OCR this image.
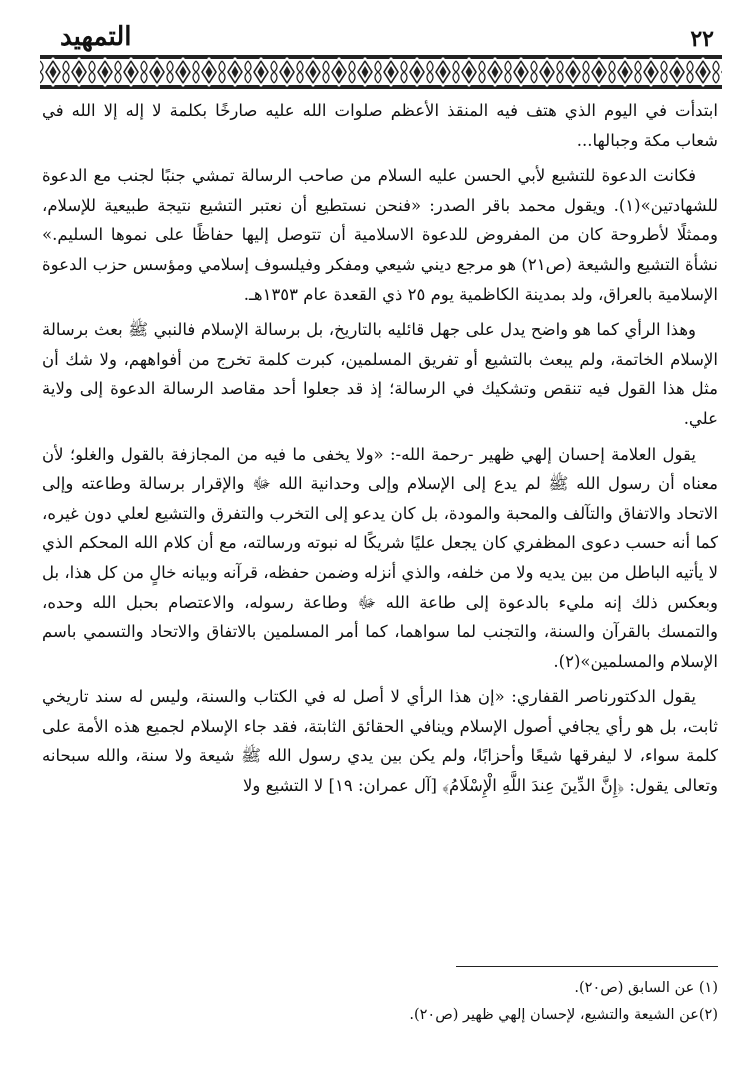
التمهيد	٢٢

ابتدأت في اليوم الذي هتف فيه المنقذ الأعظم صلوات الله عليه صارخًا بكلمة لا إله إلا الله في شعاب مكة وجبالها...

فكانت الدعوة للتشيع لأبي الحسن عليه السلام من صاحب الرسالة تمشي جنبًا لجنب مع الدعوة للشهادتين»(١). ويقول محمد باقر الصدر: «فنحن نستطيع أن نعتبر التشيع نتيجة طبيعية للإسلام، وممثلًا لأطروحة كان من المفروض للدعوة الاسلامية أن تتوصل إليها حفاظًا على نموها السليم.» نشأة التشيع والشيعة (ص٢١) هو مرجع ديني شيعي ومفكر وفيلسوف إسلامي ومؤسس حزب الدعوة الإسلامية بالعراق، ولد بمدينة الكاظمية يوم ٢٥ ذي القعدة عام ١٣٥٣هـ.

وهذا الرأي كما هو واضح يدل على جهل قائليه بالتاريخ، بل برسالة الإسلام فالنبي ﷺ بعث برسالة الإسلام الخاتمة، ولم يبعث بالتشيع أو تفريق المسلمين، كبرت كلمة تخرج من أفواههم، ولا شك أن مثل هذا القول فيه تنقص وتشكيك في الرسالة؛ إذ قد جعلوا أحد مقاصد الرسالة الدعوة إلى ولاية علي.

يقول العلامة إحسان إلهي ظهير -رحمة الله-: «ولا يخفى ما فيه من المجازفة بالقول والغلو؛ لأن معناه أن رسول الله ﷺ لم يدع إلى الإسلام وإلى وحدانية الله ﷻ والإقرار برسالة وطاعته وإلى الاتحاد والاتفاق والتآلف والمحبة والمودة، بل كان يدعو إلى التخرب والتفرق والتشيع لعلي دون غيره، كما أنه حسب دعوى المظفري كان يجعل عليًا شريكًا له نبوته ورسالته، مع أن كلام الله المحكم الذي لا يأتيه الباطل من بين يديه ولا من خلفه، والذي أنزله وضمن حفظه، قرآنه وبيانه خالٍ من كل هذا، بل وبعكس ذلك إنه مليء بالدعوة إلى طاعة الله ﷻ وطاعة رسوله، والاعتصام بحبل الله وحده، والتمسك بالقرآن والسنة، والتجنب لما سواهما، كما أمر المسلمين بالاتفاق والاتحاد والتسمي باسم الإسلام والمسلمين»(٢).

يقول الدكتورناصر القفاري: «إن هذا الرأي لا أصل له في الكتاب والسنة، وليس له سند تاريخي ثابت، بل هو رأي يجافي أصول الإسلام وينافي الحقائق الثابتة، فقد جاء الإسلام لجميع هذه الأمة على كلمة سواء، لا ليفرقها شيعًا وأحزابًا، ولم يكن بين يدي رسول الله ﷺ شيعة ولا سنة، والله سبحانه وتعالى يقول: ﴿إِنَّ الدِّينَ عِندَ اللَّهِ الْإِسْلَامُ﴾ [آل عمران: ١٩] لا التشيع ولا

(١) عن السابق (ص٢٠).

(٢)عن الشيعة والتشيع، لإحسان إلهي ظهير (ص٢٠).
